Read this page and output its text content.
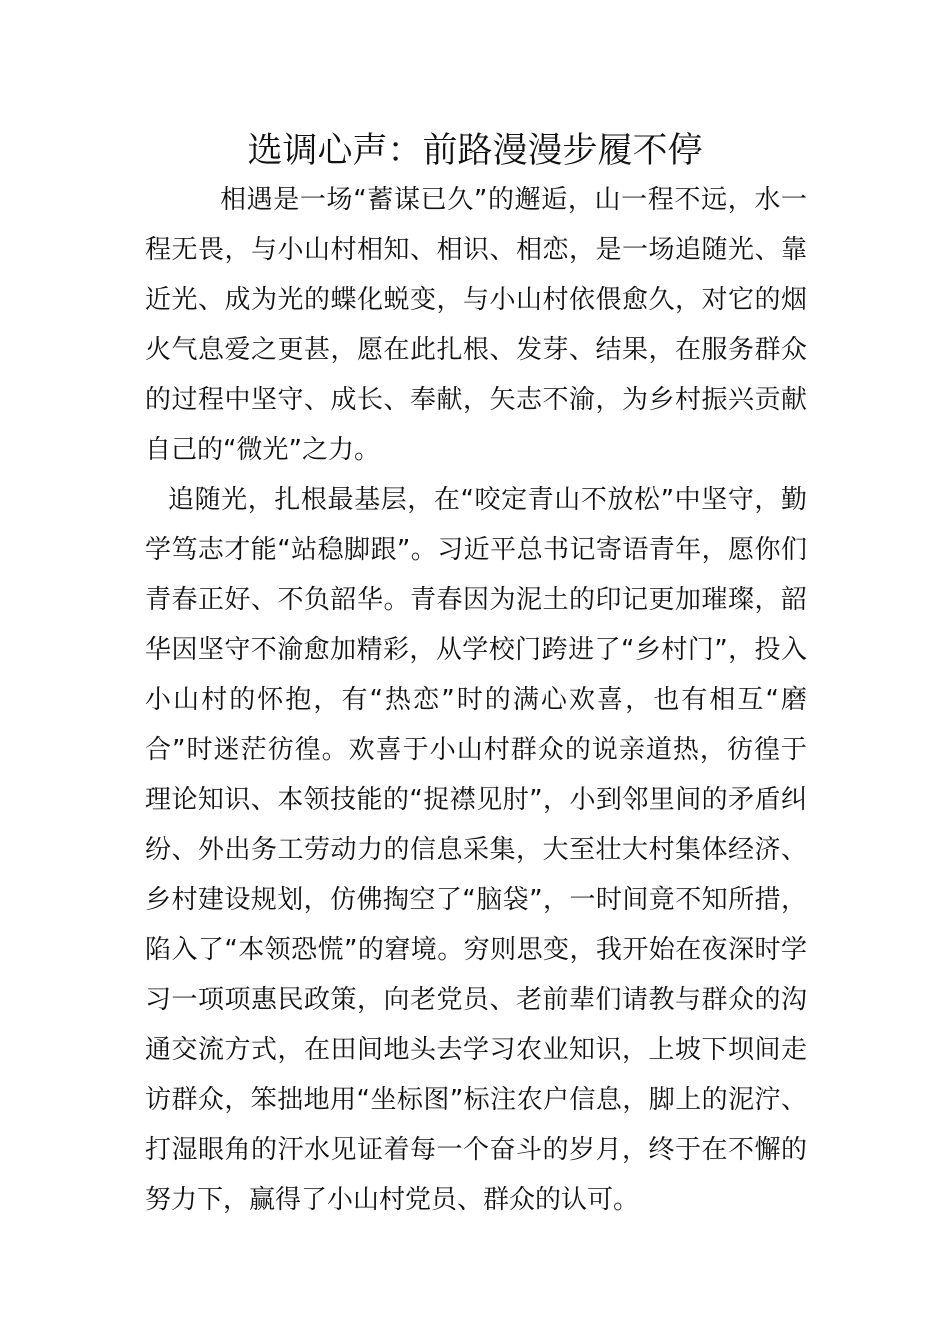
选调心声：前路漫漫步履不停

相遇是一场“蓄谋已久”的邂逅，山一程不远，水一程无畏，与小山村相知、相识、相恋，是一场追随光、靠近光、成为光的蝶化蜕变，与小山村依偎愈久，对它的烟火气息爱之更甚，愿在此扎根、发芽、结果，在服务群众的过程中坚守、成长、奉献，矢志不渝，为乡村振兴贡献自己的“微光”之力。

追随光，扎根最基层，在“咬定青山不放松”中坚守，勤学笃志才能“站稳脚跟”。习近平总书记寄语青年，愿你们青春正好、不负韶华。青春因为泥土的印记更加璀璨，韶华因坚守不渝愈加精彩，从学校门跨进了“乡村门”，投入小山村的怀抱，有“热恋”时的满心欢喜，也有相互“磨合”时迷茫彷徨。欢喜于小山村群众的说亲道热，彷徨于理论知识、本领技能的“捉襟见肘”，小到邻里间的矛盾纠纷、外出务工劳动力的信息采集，大至壮大村集体经济、乡村建设规划，仿佛掏空了“脑袋”，一时间竟不知所措，陷入了“本领恐慌”的窘境。穷则思变，我开始在夜深时学习一项项惠民政策，向老党员、老前辈们请教与群众的沟通交流方式，在田间地头去学习农业知识，上坡下坝间走访群众，笨拙地用“坐标图”标注农户信息，脚上的泥泞、打湿眼角的汗水见证着每一个奋斗的岁月，终于在不懈的努力下，赢得了小山村党员、群众的认可。
